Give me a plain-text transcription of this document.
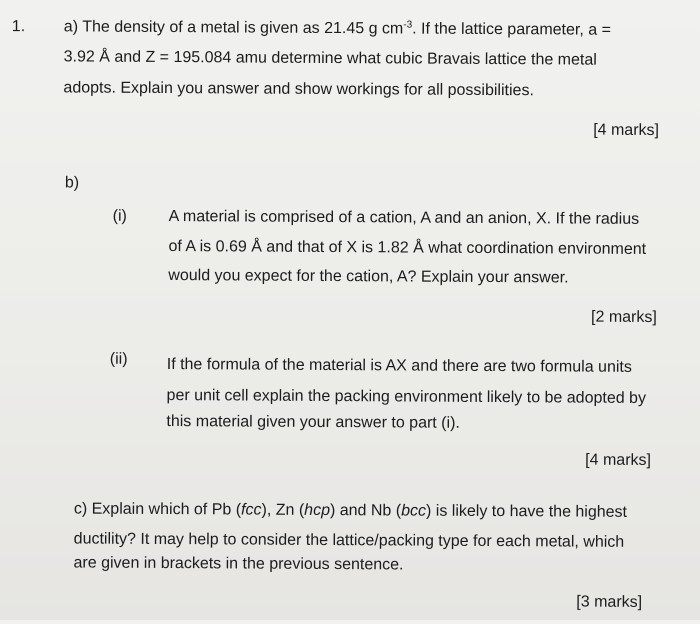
1. a) The density of a metal is given as 21.45 g $cm^{-3}$. If the lattice parameter, a =
3.92 Å and Z = 195.084 amu determine what cubic Bravais lattice the metal
adopts. Explain you answer and show workings for all possibilities.
[4 marks]
b)
(i)	A material is comprised of a cation, A and an anion, X. If the radius
of A is 0.69 Å and that of X is 1.82 Å what coordination environment
would you expect for the cation, A? Explain your answer.
[2 marks]
(ii) If the formula of the material is AX and there are two formula units
per unit cell explain the packing environment likely to be adopted by
this material given your answer to part (i).
[4 marks]
c) Explain which of Pb (fcc), Zn (hcp) and Nb (bcc) is likely to have the highest
ductility? It may help to consider the lattice/packing type for each metal, which
are given in brackets in the previous sentence.
[3 marks]
